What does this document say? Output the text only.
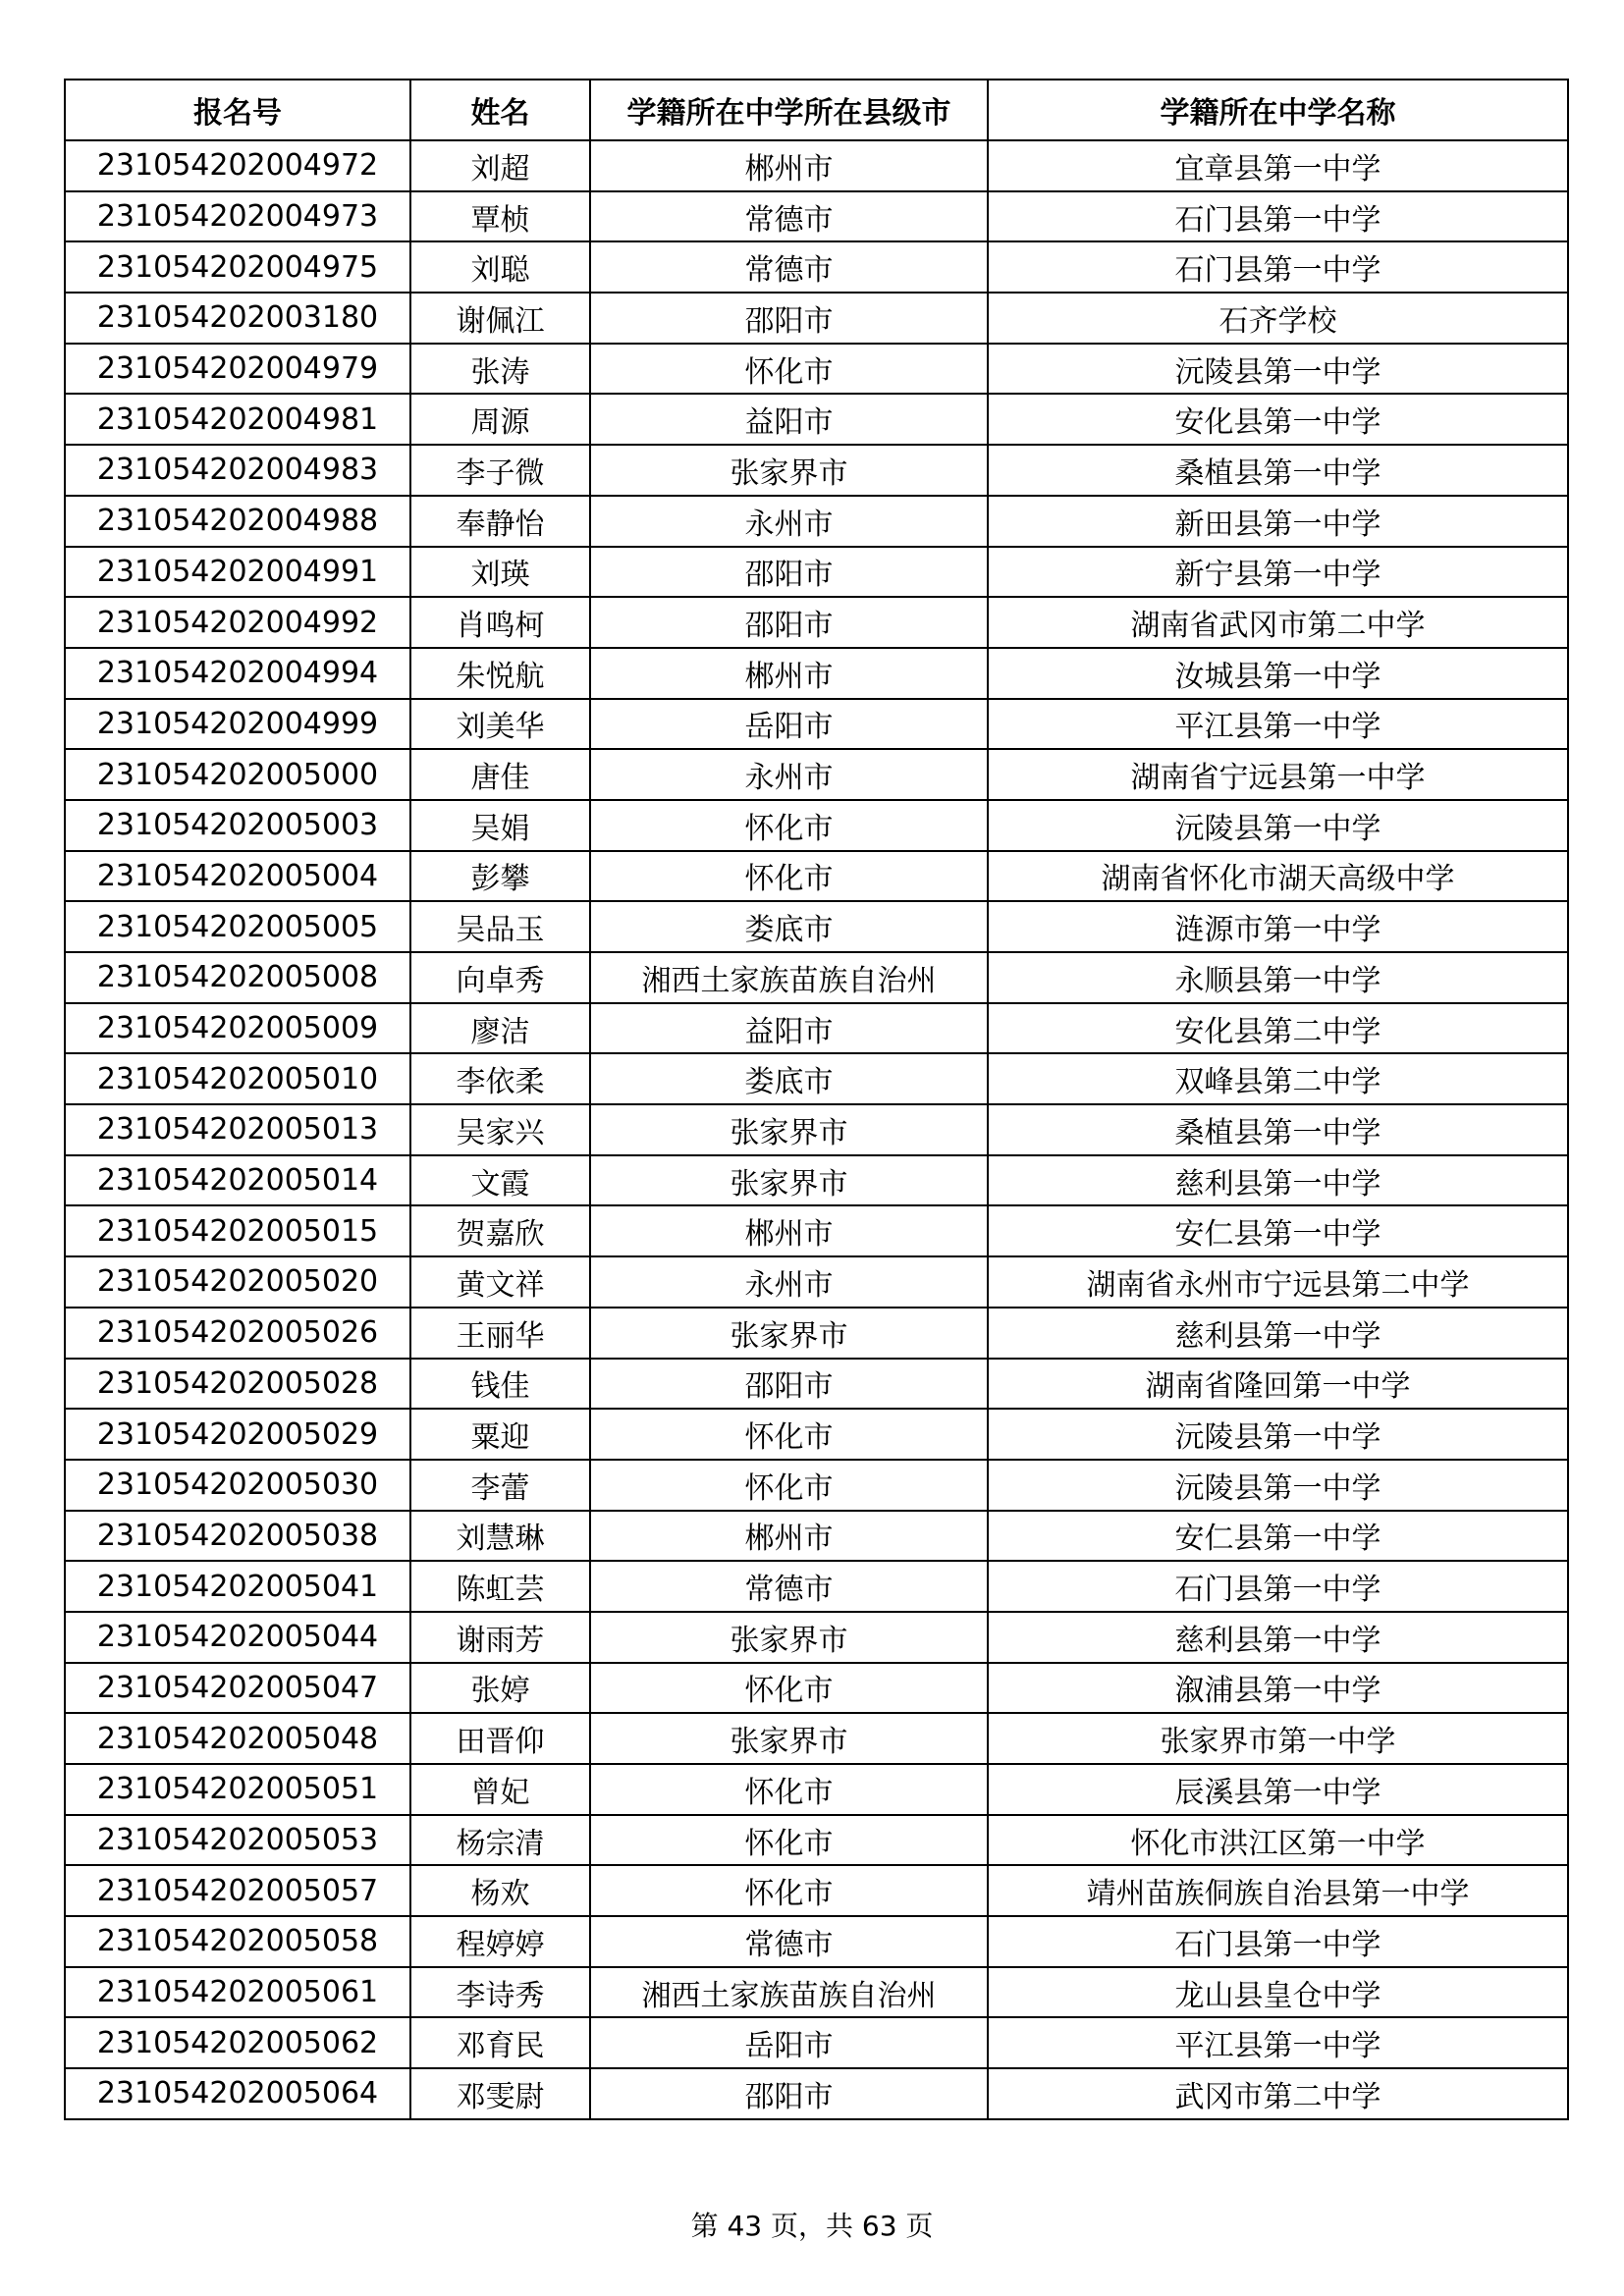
报名号	姓名	学籍所在中学所在县级市	学籍所在中学名称
231054202004972	刘超	郴州市	宜章县第一中学
231054202004973	覃桢	常德市	石门县第一中学
231054202004975	刘聪	常德市	石门县第一中学
231054202003180	谢佩江	邵阳市	石齐学校
231054202004979	张涛	怀化市	沅陵县第一中学
231054202004981	周源	益阳市	安化县第一中学
231054202004983	李子微	张家界市	桑植县第一中学
231054202004988	奉静怡	永州市	新田县第一中学
231054202004991	刘瑛	邵阳市	新宁县第一中学
231054202004992	肖鸣柯	邵阳市	湖南省武冈市第二中学
231054202004994	朱悦航	郴州市	汝城县第一中学
231054202004999	刘美华	岳阳市	平江县第一中学
231054202005000	唐佳	永州市	湖南省宁远县第一中学
231054202005003	吴娟	怀化市	沅陵县第一中学
231054202005004	彭攀	怀化市	湖南省怀化市湖天高级中学
231054202005005	吴品玉	娄底市	涟源市第一中学
231054202005008	向卓秀	湘西土家族苗族自治州	永顺县第一中学
231054202005009	廖洁	益阳市	安化县第二中学
231054202005010	李依柔	娄底市	双峰县第二中学
231054202005013	吴家兴	张家界市	桑植县第一中学
231054202005014	文霞	张家界市	慈利县第一中学
231054202005015	贺嘉欣	郴州市	安仁县第一中学
231054202005020	黄文祥	永州市	湖南省永州市宁远县第二中学
231054202005026	王丽华	张家界市	慈利县第一中学
231054202005028	钱佳	邵阳市	湖南省隆回第一中学
231054202005029	粟迎	怀化市	沅陵县第一中学
231054202005030	李蕾	怀化市	沅陵县第一中学
231054202005038	刘慧琳	郴州市	安仁县第一中学
231054202005041	陈虹芸	常德市	石门县第一中学
231054202005044	谢雨芳	张家界市	慈利县第一中学
231054202005047	张婷	怀化市	溆浦县第一中学
231054202005048	田晋仰	张家界市	张家界市第一中学
231054202005051	曾妃	怀化市	辰溪县第一中学
231054202005053	杨宗清	怀化市	怀化市洪江区第一中学
231054202005057	杨欢	怀化市	靖州苗族侗族自治县第一中学
231054202005058	程婷婷	常德市	石门县第一中学
231054202005061	李诗秀	湘西土家族苗族自治州	龙山县皇仓中学
231054202005062	邓育民	岳阳市	平江县第一中学
231054202005064	邓雯尉	邵阳市	武冈市第二中学
第 43 页，共 63 页
